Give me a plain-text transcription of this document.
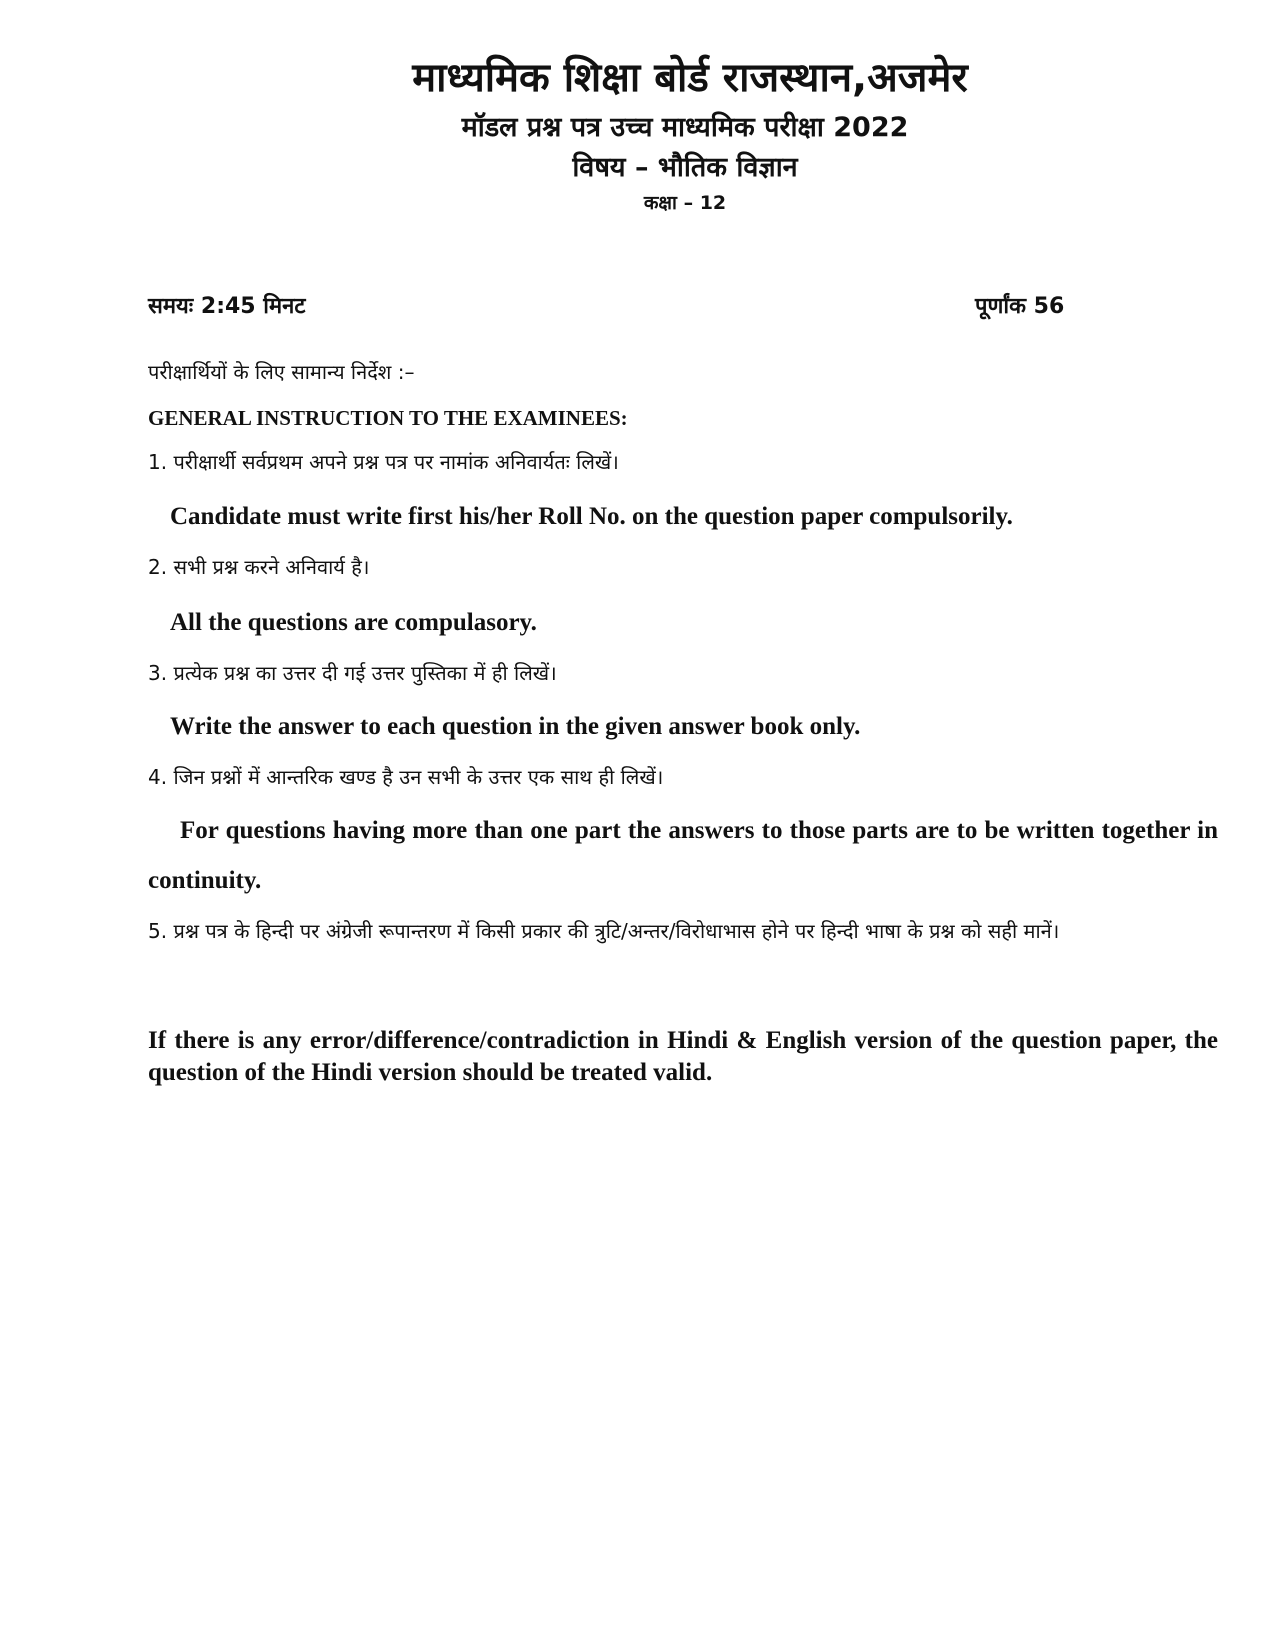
माध्यमिक शिक्षा बोर्ड राजस्थान,अजमेर
मॉडल प्रश्न पत्र उच्च माध्यमिक परीक्षा 2022
विषय – भौतिक विज्ञान
कक्षा – 12
समयः 2:45 मिनट	पूर्णांक 56
परीक्षार्थियों के लिए सामान्य निर्देश :–
GENERAL INSTRUCTION TO THE EXAMINEES:
1. परीक्षार्थी सर्वप्रथम अपने प्रश्न पत्र पर नामांक अनिवार्यतः लिखें।
Candidate must write first his/her Roll No. on the question paper compulsorily.
2. सभी प्रश्न करने अनिवार्य है।
All the questions are compulasory.
3. प्रत्येक प्रश्न का उत्तर दी गई उत्तर पुस्तिका में ही लिखें।
Write the answer to each question in the given answer book only.
4. जिन प्रश्नों में आन्तरिक खण्ड है उन सभी के उत्तर एक साथ ही लिखें।
For questions having more than one part the answers to those parts are to be written together in continuity.
5. प्रश्न पत्र के हिन्दी पर अंग्रेजी रूपान्तरण में किसी प्रकार की त्रुटि/अन्तर/विरोधाभास होने पर हिन्दी भाषा के प्रश्न को सही मानें।
If there is any error/difference/contradiction in Hindi & English version of the question paper, the question of the Hindi version should be treated valid.
